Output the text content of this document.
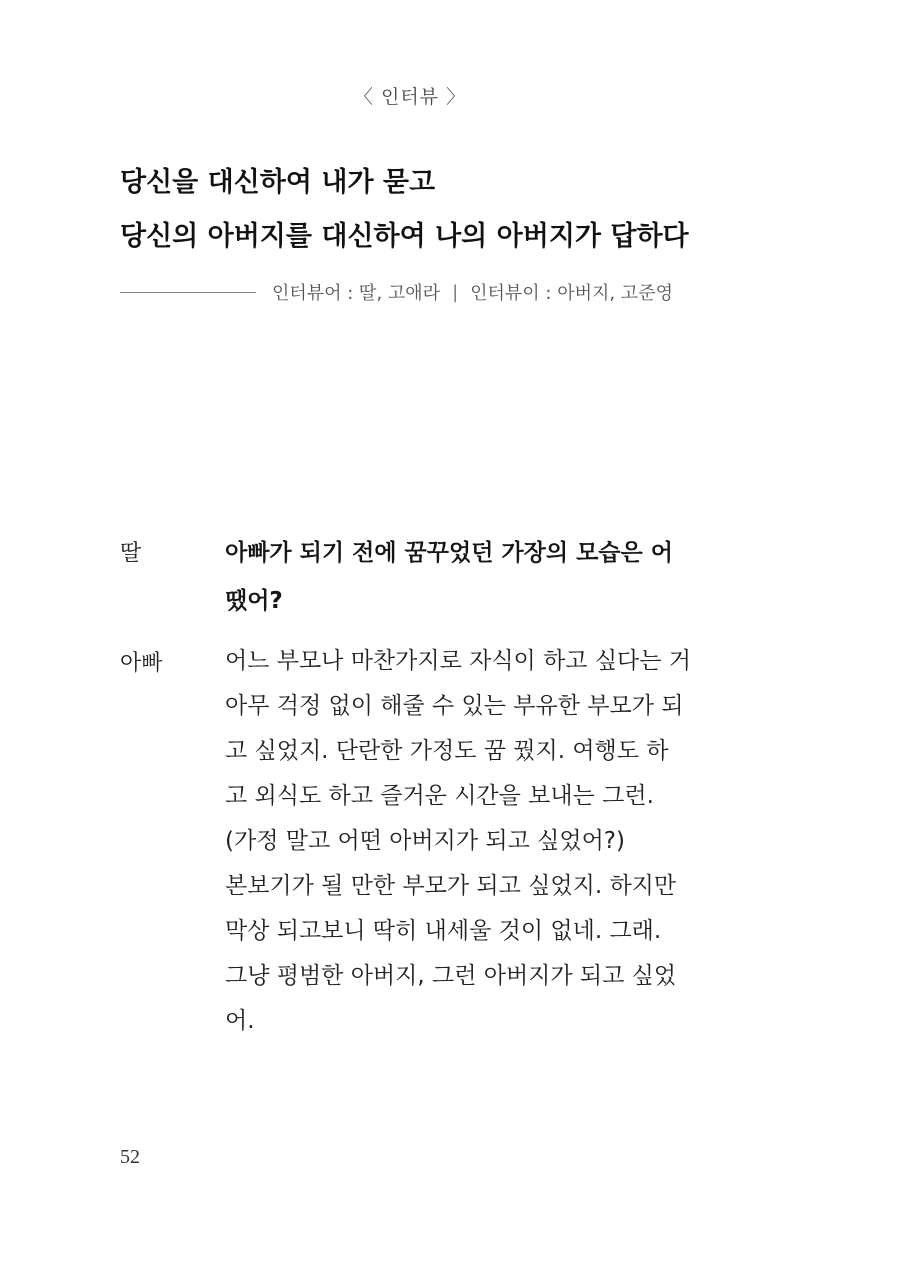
〈 인터뷰 〉
당신을 대신하여 내가 묻고
당신의 아버지를 대신하여 나의 아버지가 답하다
인터뷰어 : 딸, 고애라 | 인터뷰이 : 아버지, 고준영
딸	아빠가 되기 전에 꿈꾸었던 가장의 모습은 어
땠어?
아빠	어느 부모나 마찬가지로 자식이 하고 싶다는 거
아무 걱정 없이 해줄 수 있는 부유한 부모가 되
고 싶었지. 단란한 가정도 꿈 꿨지. 여행도 하
고 외식도 하고 즐거운 시간을 보내는 그런.
(가정 말고 어떤 아버지가 되고 싶었어?)
본보기가 될 만한 부모가 되고 싶었지. 하지만
막상 되고보니 딱히 내세울 것이 없네. 그래.
그냥 평범한 아버지, 그런 아버지가 되고 싶었
어.
52
